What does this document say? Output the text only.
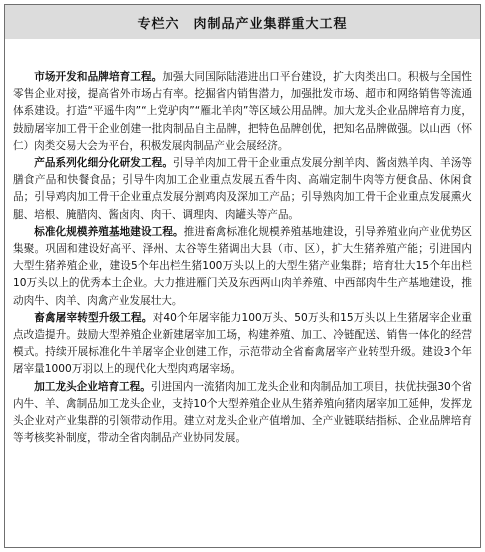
专栏六 肉制品产业集群重大工程

市场开发和品牌培育工程。加强大同国际陆港进出口平台建设，扩大肉类出口。积极与全国性零售企业对接，提高省外市场占有率。挖掘省内销售潜力，加强批发市场、超市和网络销售等流通体系建设。打造“平遥牛肉”“上党驴肉”“雁北羊肉”等区域公用品牌。加大龙头企业品牌培育力度，鼓励屠宰加工骨干企业创建一批肉制品自主品牌，把特色品牌创优，把知名品牌做强。以山西（怀仁）肉类交易大会为平台，积极发展肉制品产业会展经济。

产品系列化细分化研发工程。引导羊肉加工骨干企业重点发展分割羊肉、酱卤熟羊肉、羊汤等膳食产品和快餐食品；引导牛肉加工企业重点发展五香牛肉、高端定制牛肉等方便食品、休闲食品；引导鸡肉加工骨干企业重点发展分割鸡肉及深加工产品；引导熟肉加工骨干企业重点发展熏火腿、培根、腌腊肉、酱卤肉、肉干、调理肉、肉罐头等产品。

标准化规模养殖基地建设工程。推进畜禽标准化规模养殖基地建设，引导养殖业向产业优势区集聚。巩固和建设好高平、泽州、太谷等生猪调出大县（市、区），扩大生猪养殖产能；引进国内大型生猪养殖企业，建设5个年出栏生猪100万头以上的大型生猪产业集群；培育壮大15个年出栏10万头以上的优秀本土企业。大力推进雁门关及东西两山肉羊养殖、中西部肉牛生产基地建设，推动肉牛、肉羊、肉禽产业发展壮大。

畜禽屠宰转型升级工程。对40个年屠宰能力100万头、50万头和15万头以上生猪屠宰企业重点改造提升。鼓励大型养殖企业新建屠宰加工场，构建养殖、加工、冷链配送、销售一体化的经营模式。持续开展标准化牛羊屠宰企业创建工作，示范带动全省畜禽屠宰产业转型升级。建设3个年屠宰量1000万羽以上的现代化大型肉鸡屠宰场。

加工龙头企业培育工程。引进国内一流猪肉加工龙头企业和肉制品加工项目，扶优扶强30个省内牛、羊、禽制品加工龙头企业，支持10个大型养殖企业从生猪养殖向猪肉屠宰加工延伸，发挥龙头企业对产业集群的引领带动作用。建立对龙头企业产值增加、全产业链联结指标、企业品牌培育等考核奖补制度，带动全省肉制品产业协同发展。
